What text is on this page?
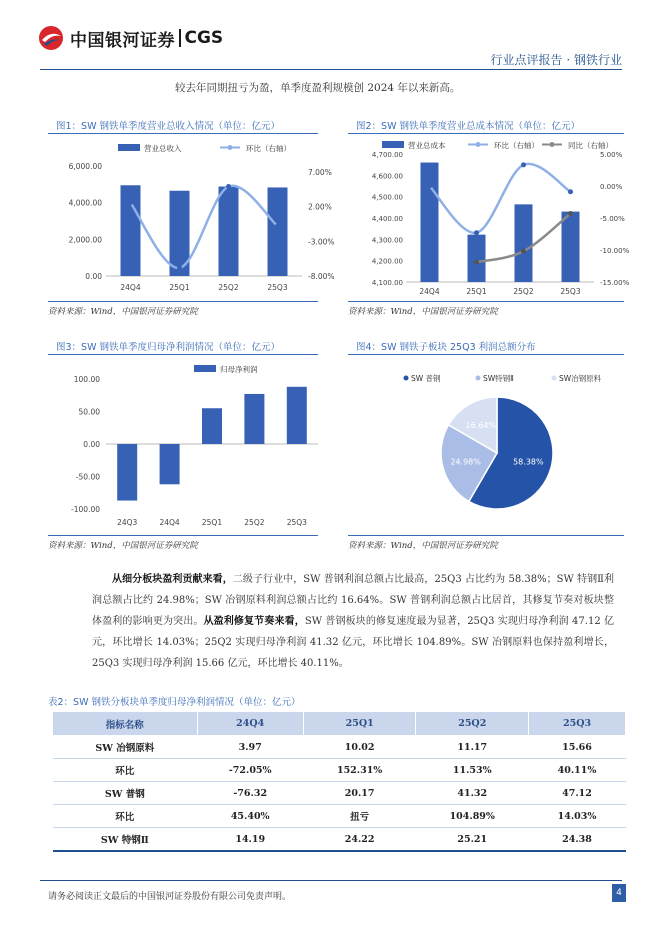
中国银河证券 CGS
行业点评报告 · 钢铁行业
较去年同期扭亏为盈，单季度盈利规模创 2024 年以来新高。
图1：SW 钢铁单季度营业总收入情况（单位：亿元）
0.00
2,000.00
4,000.00
6,000.00
7.00%
2.00%
-3.00%
-8.00%
24Q4	25Q1	25Q2	25Q3
营业总收入	环比（右轴）
资料来源：Wind，中国银河证券研究院
图2：SW 钢铁单季度营业总成本情况（单位：亿元）
4,100.00
4,200.00
4,300.00
4,400.00
4,500.00
4,600.00
4,700.00	5.00%
0.00%
-5.00%
-10.00%
-15.00%
24Q4	25Q1	25Q2	25Q3
营业总成本	环比（右轴）	同比（右轴）
资料来源：Wind，中国银河证券研究院
图3：SW 钢铁单季度归母净利润情况（单位：亿元）
-100.00
-50.00
0.00
50.00
100.00
24Q3	24Q4	25Q1	25Q2	25Q3
归母净利润
资料来源：Wind，中国银河证券研究院
图4：SW 钢铁子板块 25Q3 利润总额分布
58.38%
24.98%
16.64%
SW 普钢	SW特钢Ⅱ	SW冶钢原料
资料来源：Wind，中国银河证券研究院
从细分板块盈利贡献来看，二级子行业中，SW 普钢利润总额占比最高，25Q3 占比约为 58.38%；SW 特钢Ⅱ利润总额占比约 24.98%；SW 冶钢原料利润总额占比约 16.64%。SW 普钢利润总额占比居首，其修复节奏对板块整体盈利的影响更为突出。从盈利修复节奏来看，SW 普钢板块的修复速度最为显著，25Q3 实现归母净利润 47.12 亿元，环比增长 14.03%；25Q2 实现归母净利润 41.32 亿元，环比增长 104.89%。SW 冶钢原料也保持盈利增长，25Q3 实现归母净利润 15.66 亿元，环比增长 40.11%。
表2：SW 钢铁分板块单季度归母净利润情况（单位：亿元）
指标名称	24Q4	25Q1	25Q2	25Q3
SW 冶钢原料	3.97	10.02	11.17	15.66
环比	-72.05%	152.31%	11.53%	40.11%
SW 普钢	-76.32	20.17	41.32	47.12
环比	45.40%	扭亏	104.89%	14.03%
SW 特钢Ⅱ	14.19	24.22	25.21	24.38
请务必阅读正文最后的中国银河证券股份有限公司免责声明。	4
